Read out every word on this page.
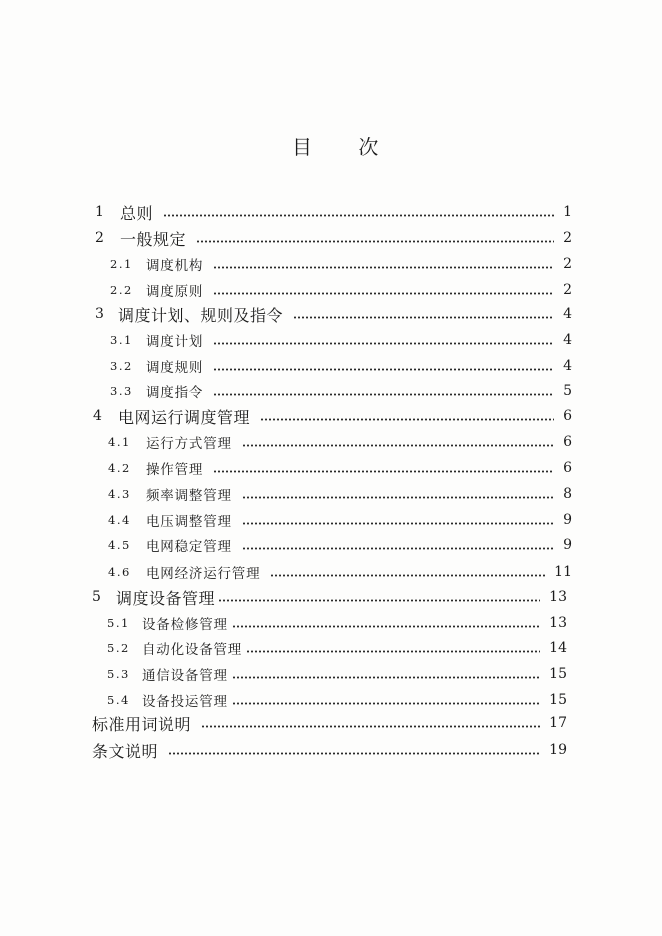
目 次
1	总则	1
2	一般规定	2
2.1 调度机构	2
2.2 调度原则	2
3 调度计划、规则及指令	4
3.1 调度计划	4
3.2 调度规则	4
3.3 调度指令	5
4	电网运行调度管理	6
4.1	运行方式管理	6
4.2	操作管理	6
4.3	频率调整管理	8
4.4	电压调整管理	9
4.5	电网稳定管理	9
4.6	电网经济运行管理	11
5 调度设备管理	13
5.1 设备检修管理	13
5.2 自动化设备管理	14
5.3 通信设备管理	15
5.4 设备投运管理	15
标准用词说明	17
条文说明	19
